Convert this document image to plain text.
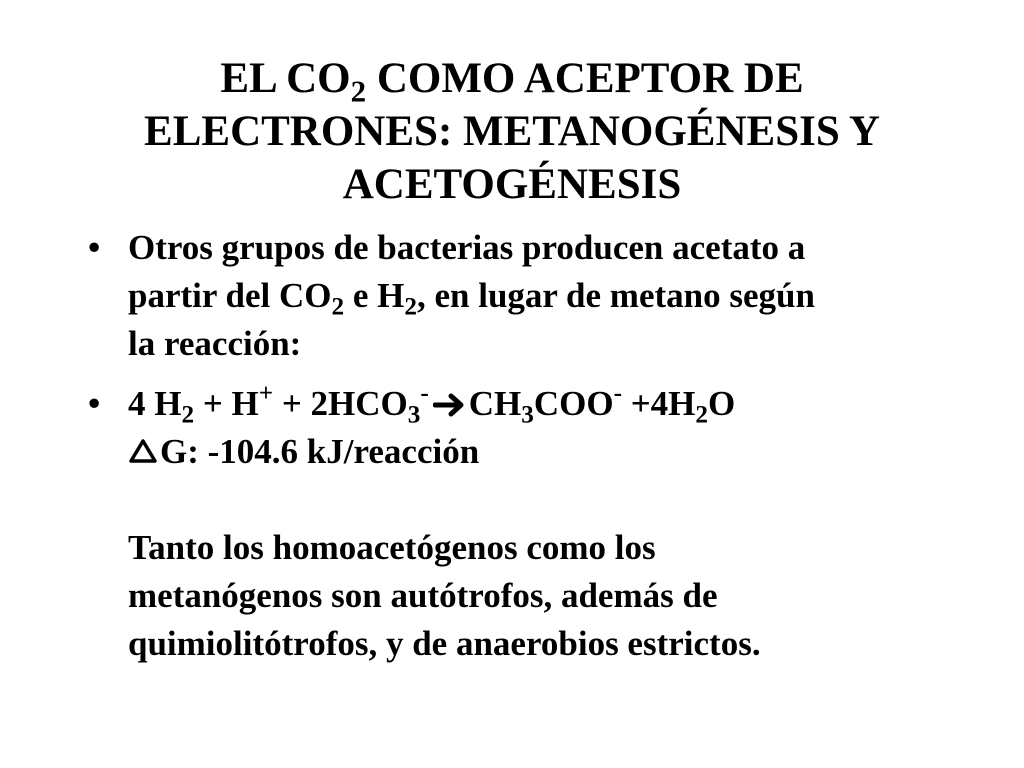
EL $CO_2$ COMO ACEPTOR DE
ELECTRONES: METANOGÉNESIS Y
ACETOGÉNESIS
• Otros grupos de bacterias producen acetato a
partir del $CO_2$ e $H_2$, en lugar de metano según
la reacción:
• 4 $H_2 + H^+ + 2HCO_3^-$ $CH_3COO^- +4H_2O$
G: -104.6 kJ/reacción

Tanto los homoacetógenos como los
metanógenos son autótrofos, además de
quimiolitótrofos, y de anaerobios estrictos.
